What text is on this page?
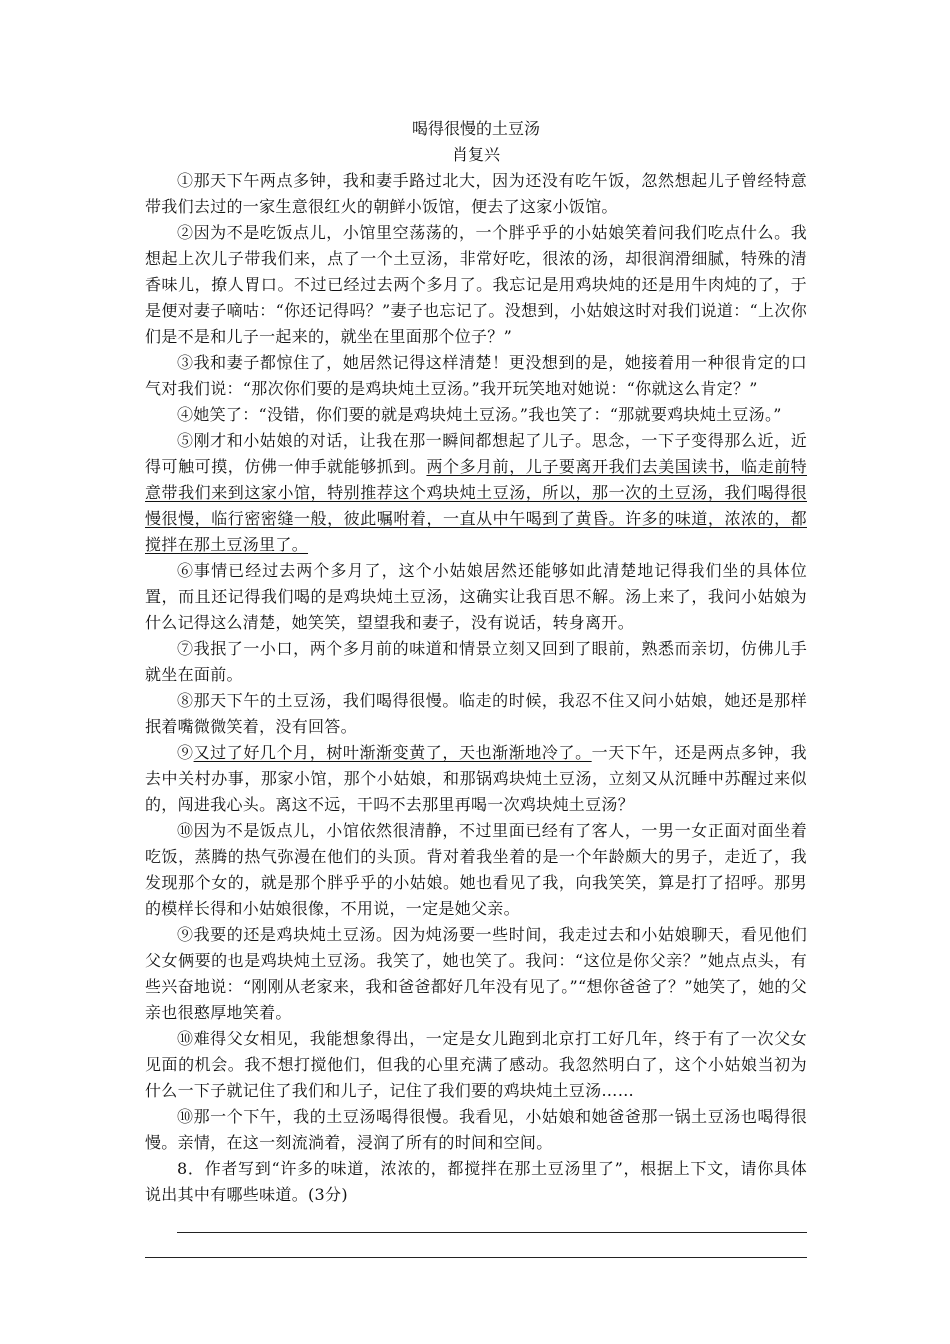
喝得很慢的土豆汤
肖复兴

①那天下午两点多钟，我和妻手路过北大，因为还没有吃午饭，忽然想起儿子曾经特意带我们去过的一家生意很红火的朝鲜小饭馆，便去了这家小饭馆。

②因为不是吃饭点儿，小馆里空荡荡的，一个胖乎乎的小姑娘笑着问我们吃点什么。我想起上次儿子带我们来，点了一个土豆汤，非常好吃，很浓的汤，却很润滑细腻，特殊的清香味儿，撩人胃口。不过已经过去两个多月了。我忘记是用鸡块炖的还是用牛肉炖的了，于是便对妻子嘀咕：“你还记得吗？”妻子也忘记了。没想到，小姑娘这时对我们说道：“上次你们是不是和儿子一起来的，就坐在里面那个位子？”

③我和妻子都惊住了，她居然记得这样清楚！更没想到的是，她接着用一种很肯定的口气对我们说：“那次你们要的是鸡块炖土豆汤。”我开玩笑地对她说：“你就这么肯定？”

④她笑了：“没错，你们要的就是鸡块炖土豆汤。”我也笑了：“那就要鸡块炖土豆汤。”

⑤刚才和小姑娘的对话，让我在那一瞬间都想起了儿子。思念，一下子变得那么近，近得可触可摸，仿佛一伸手就能够抓到。两个多月前，儿子要离开我们去美国读书，临走前特意带我们来到这家小馆，特别推荐这个鸡块炖土豆汤，所以，那一次的土豆汤，我们喝得很慢很慢，临行密密缝一般，彼此嘱咐着，一直从中午喝到了黄昏。许多的味道，浓浓的，都搅拌在那土豆汤里了。

⑥事情已经过去两个多月了，这个小姑娘居然还能够如此清楚地记得我们坐的具体位置，而且还记得我们喝的是鸡块炖土豆汤，这确实让我百思不解。汤上来了，我问小姑娘为什么记得这么清楚，她笑笑，望望我和妻子，没有说话，转身离开。

⑦我抿了一小口，两个多月前的味道和情景立刻又回到了眼前，熟悉而亲切，仿佛儿手就坐在面前。

⑧那天下午的土豆汤，我们喝得很慢。临走的时候，我忍不住又问小姑娘，她还是那样抿着嘴微微笑着，没有回答。

⑨又过了好几个月，树叶渐渐变黄了，天也渐渐地冷了。一天下午，还是两点多钟，我去中关村办事，那家小馆，那个小姑娘，和那锅鸡块炖土豆汤，立刻又从沉睡中苏醒过来似的，闯进我心头。离这不远，干吗不去那里再喝一次鸡块炖土豆汤？

⑩因为不是饭点儿，小馆依然很清静，不过里面已经有了客人，一男一女正面对面坐着吃饭，蒸腾的热气弥漫在他们的头顶。背对着我坐着的是一个年龄颇大的男子，走近了，我发现那个女的，就是那个胖乎乎的小姑娘。她也看见了我，向我笑笑，算是打了招呼。那男的模样长得和小姑娘很像，不用说，一定是她父亲。

⑨我要的还是鸡块炖土豆汤。因为炖汤要一些时间，我走过去和小姑娘聊天，看见他们父女俩要的也是鸡块炖土豆汤。我笑了，她也笑了。我问：“这位是你父亲？”她点点头，有些兴奋地说：“刚刚从老家来，我和爸爸都好几年没有见了。”“想你爸爸了？”她笑了，她的父亲也很憨厚地笑着。

⑩难得父女相见，我能想象得出，一定是女儿跑到北京打工好几年，终于有了一次父女见面的机会。我不想打搅他们，但我的心里充满了感动。我忽然明白了，这个小姑娘当初为什么一下子就记住了我们和儿子，记住了我们要的鸡块炖土豆汤……

⑩那一个下午，我的土豆汤喝得很慢。我看见，小姑娘和她爸爸那一锅土豆汤也喝得很慢。亲情，在这一刻流淌着，浸润了所有的时间和空间。

8．作者写到“许多的味道，浓浓的，都搅拌在那土豆汤里了”，根据上下文，请你具体说出其中有哪些味道。(3分)
